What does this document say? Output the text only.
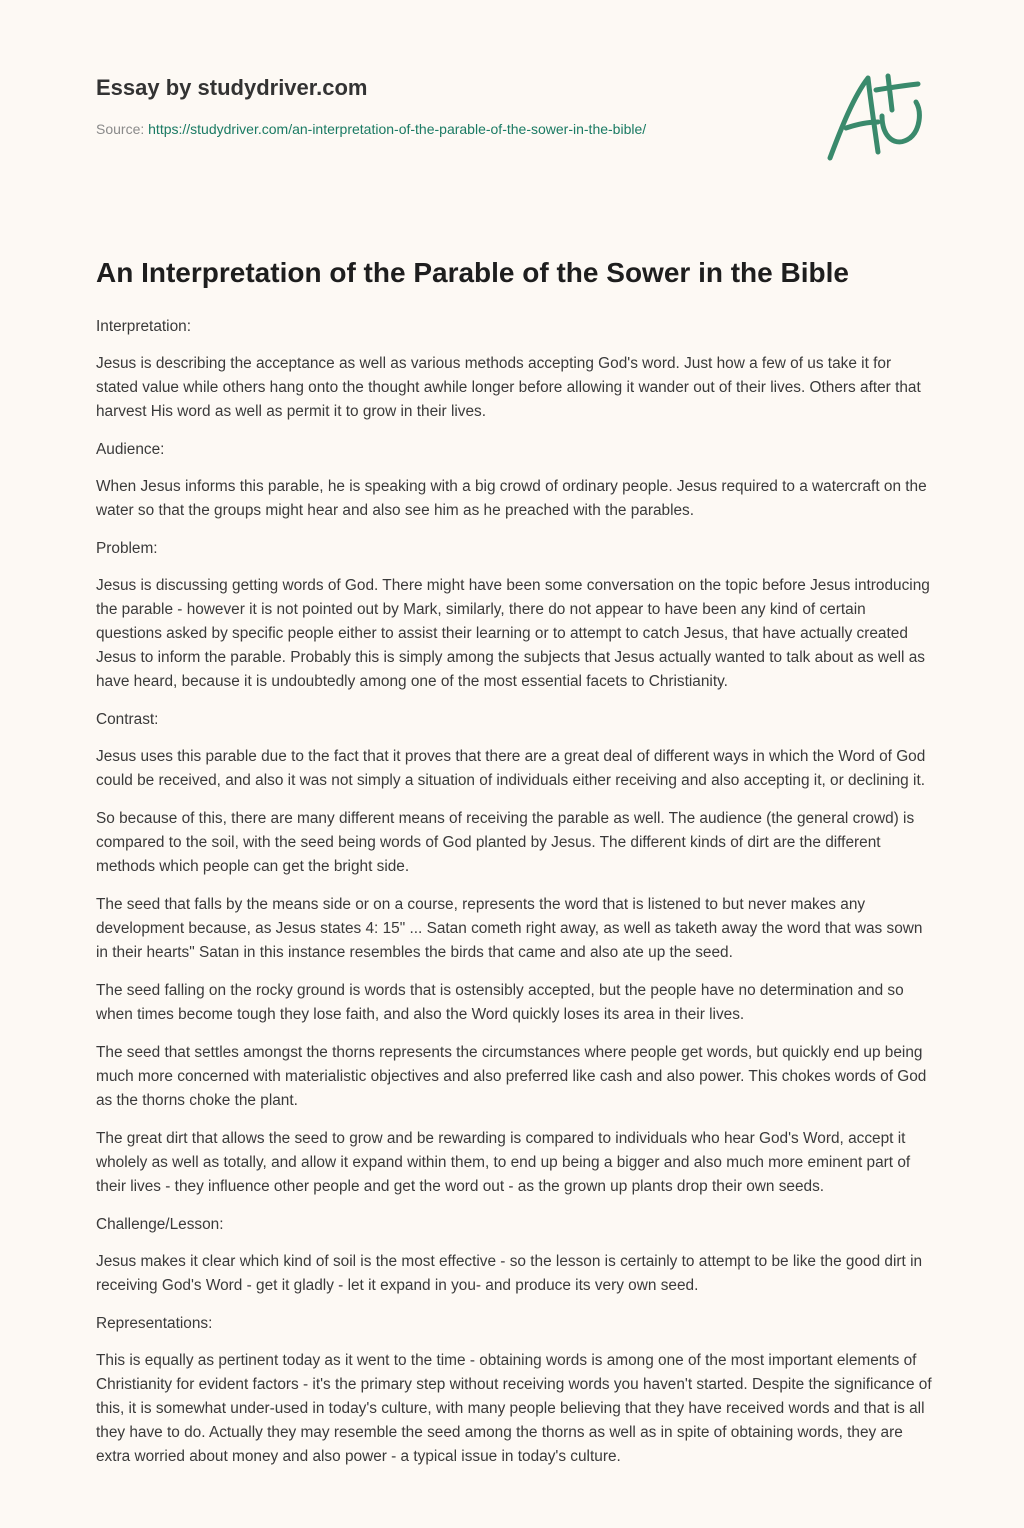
Essay by studydriver.com
Source: https://studydriver.com/an-interpretation-of-the-parable-of-the-sower-in-the-bible/
An Interpretation of the Parable of the Sower in the Bible

Interpretation:

Jesus is describing the acceptance as well as various methods accepting God's word. Just how a few of us take it for stated value while others hang onto the thought awhile longer before allowing it wander out of their lives. Others after that harvest His word as well as permit it to grow in their lives.

Audience:

When Jesus informs this parable, he is speaking with a big crowd of ordinary people. Jesus required to a watercraft on the water so that the groups might hear and also see him as he preached with the parables.

Problem:

Jesus is discussing getting words of God. There might have been some conversation on the topic before Jesus introducing the parable - however it is not pointed out by Mark, similarly, there do not appear to have been any kind of certain questions asked by specific people either to assist their learning or to attempt to catch Jesus, that have actually created Jesus to inform the parable. Probably this is simply among the subjects that Jesus actually wanted to talk about as well as have heard, because it is undoubtedly among one of the most essential facets to Christianity.

Contrast:

Jesus uses this parable due to the fact that it proves that there are a great deal of different ways in which the Word of God could be received, and also it was not simply a situation of individuals either receiving and also accepting it, or declining it.

So because of this, there are many different means of receiving the parable as well. The audience (the general crowd) is compared to the soil, with the seed being words of God planted by Jesus. The different kinds of dirt are the different methods which people can get the bright side.

The seed that falls by the means side or on a course, represents the word that is listened to but never makes any development because, as Jesus states 4: 15" ... Satan cometh right away, as well as taketh away the word that was sown in their hearts" Satan in this instance resembles the birds that came and also ate up the seed.

The seed falling on the rocky ground is words that is ostensibly accepted, but the people have no determination and so when times become tough they lose faith, and also the Word quickly loses its area in their lives.

The seed that settles amongst the thorns represents the circumstances where people get words, but quickly end up being much more concerned with materialistic objectives and also preferred like cash and also power. This chokes words of God as the thorns choke the plant.

The great dirt that allows the seed to grow and be rewarding is compared to individuals who hear God's Word, accept it wholely as well as totally, and allow it expand within them, to end up being a bigger and also much more eminent part of their lives - they influence other people and get the word out - as the grown up plants drop their own seeds.

Challenge/Lesson:

Jesus makes it clear which kind of soil is the most effective - so the lesson is certainly to attempt to be like the good dirt in receiving God's Word - get it gladly - let it expand in you- and produce its very own seed.

Representations:

This is equally as pertinent today as it went to the time - obtaining words is among one of the most important elements of Christianity for evident factors - it's the primary step without receiving words you haven't started. Despite the significance of this, it is somewhat under-used in today's culture, with many people believing that they have received words and that is all they have to do. Actually they may resemble the seed among the thorns as well as in spite of obtaining words, they are extra worried about money and also power - a typical issue in today's culture.
